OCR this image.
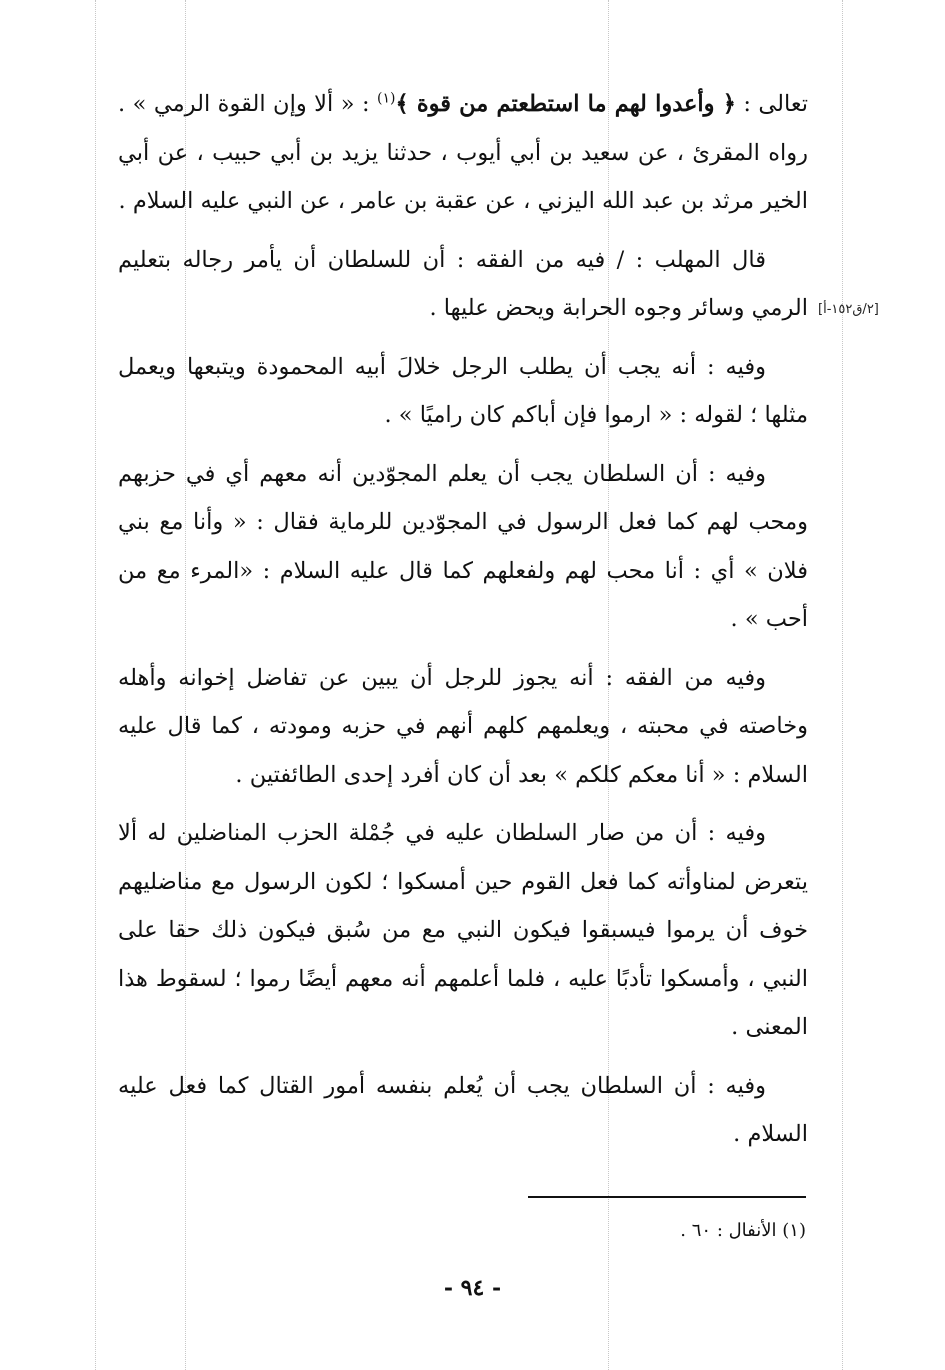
[٢/ق١٥٢-أ]

تعالى : ﴿ وأعدوا لهم ما استطعتم من قوة ﴾$^{(١)}$ : « ألا وإن القوة الرمي » . رواه المقرئ ، عن سعيد بن أبي أيوب ، حدثنا يزيد بن أبي حبيب ، عن أبي الخير مرثد بن عبد الله اليزني ، عن عقبة بن عامر ، عن النبي عليه السلام .

قال المهلب : / فيه من الفقه : أن للسلطان أن يأمر رجاله بتعليم الرمي وسائر وجوه الحرابة ويحض عليها .

وفيه : أنه يجب أن يطلب الرجل خلالَ أبيه المحمودة ويتبعها ويعمل مثلها ؛ لقوله : « ارموا فإن أباكم كان راميًا » .

وفيه : أن السلطان يجب أن يعلم المجوّدين أنه معهم أي في حزبهم ومحب لهم كما فعل الرسول في المجوّدين للرماية فقال : « وأنا مع بني فلان » أي : أنا محب لهم ولفعلهم كما قال عليه السلام : «المرء مع من أحب » .

وفيه من الفقه : أنه يجوز للرجل أن يبين عن تفاضل إخوانه وأهله وخاصته في محبته ، ويعلمهم كلهم أنهم في حزبه ومودته ، كما قال عليه السلام : « أنا معكم كلكم » بعد أن كان أفرد إحدى الطائفتين .

وفيه : أن من صار السلطان عليه في جُمْلة الحزب المناضلين له ألا يتعرض لمناوأته كما فعل القوم حين أمسكوا ؛ لكون الرسول مع مناضليهم خوف أن يرموا فيسبقوا فيكون النبي مع من سُبق فيكون ذلك حقا على النبي ، وأمسكوا تأدبًا عليه ، فلما أعلمهم أنه معهم أيضًا رموا ؛ لسقوط هذا المعنى .

وفيه : أن السلطان يجب أن يُعلم بنفسه أمور القتال كما فعل عليه السلام .

(١) الأنفال : ٦٠ .
- ٩٤ -
